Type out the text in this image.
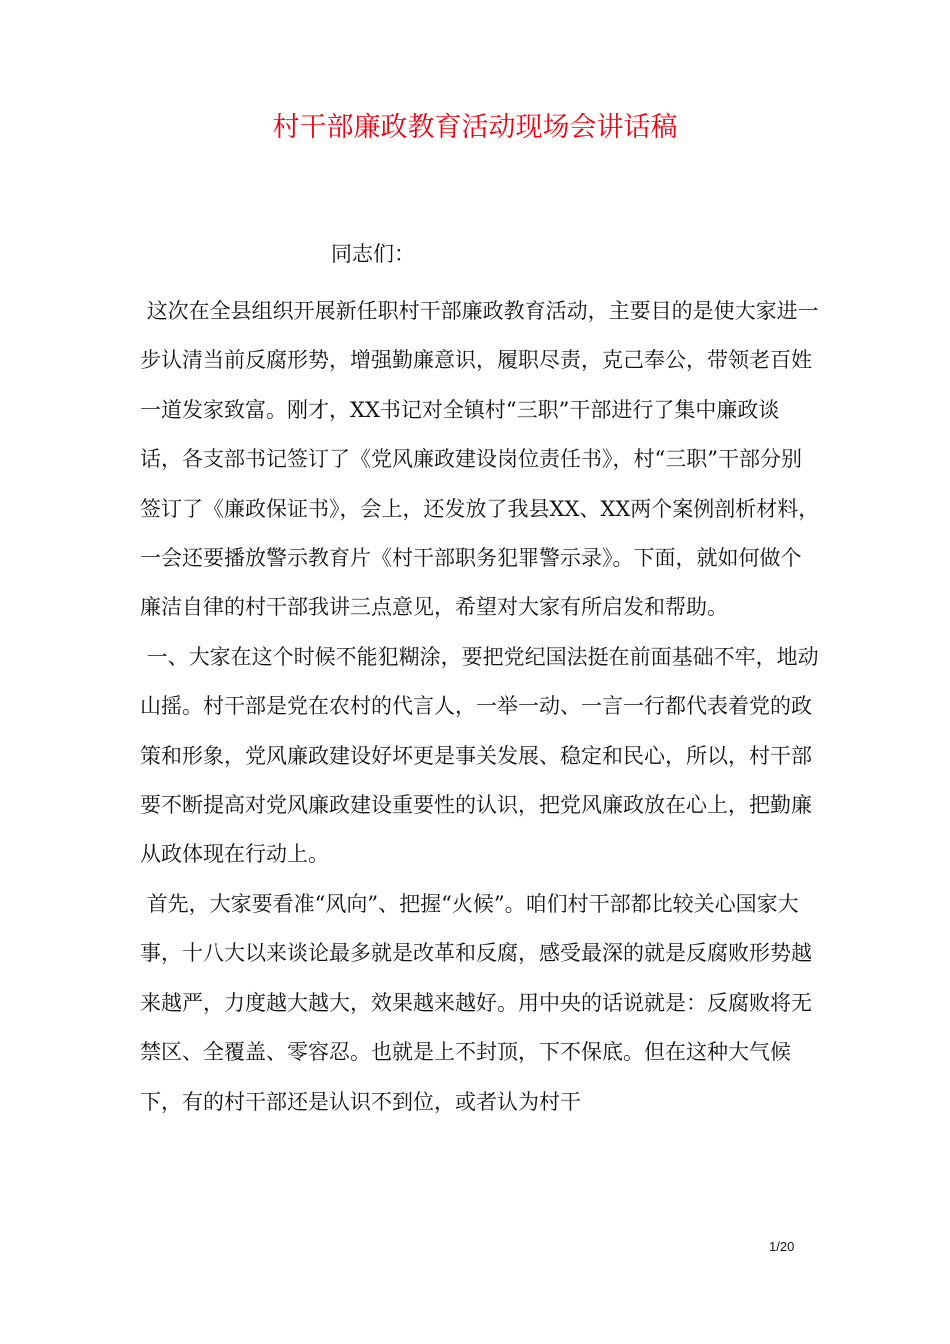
村干部廉政教育活动现场会讲话稿

同志们：

这次在全县组织开展新任职村干部廉政教育活动，主要目的是使大家进一步认清当前反腐形势，增强勤廉意识，履职尽责，克己奉公，带领老百姓一道发家致富。刚才，XX书记对全镇村“三职”干部进行了集中廉政谈话，各支部书记签订了《党风廉政建设岗位责任书》，村“三职”干部分别签订了《廉政保证书》，会上，还发放了我县XX、XX两个案例剖析材料，一会还要播放警示教育片《村干部职务犯罪警示录》。下面，就如何做个廉洁自律的村干部我讲三点意见，希望对大家有所启发和帮助。

一、大家在这个时候不能犯糊涂，要把党纪国法挺在前面基础不牢，地动山摇。村干部是党在农村的代言人，一举一动、一言一行都代表着党的政策和形象，党风廉政建设好坏更是事关发展、稳定和民心，所以，村干部要不断提高对党风廉政建设重要性的认识，把党风廉政放在心上，把勤廉从政体现在行动上。

首先，大家要看准“风向”、把握“火候”。咱们村干部都比较关心国家大事，十八大以来谈论最多就是改革和反腐，感受最深的就是反腐败形势越来越严，力度越大越大，效果越来越好。用中央的话说就是：反腐败将无禁区、全覆盖、零容忍。也就是上不封顶，下不保底。但在这种大气候下，有的村干部还是认识不到位，或者认为村干

1/20
